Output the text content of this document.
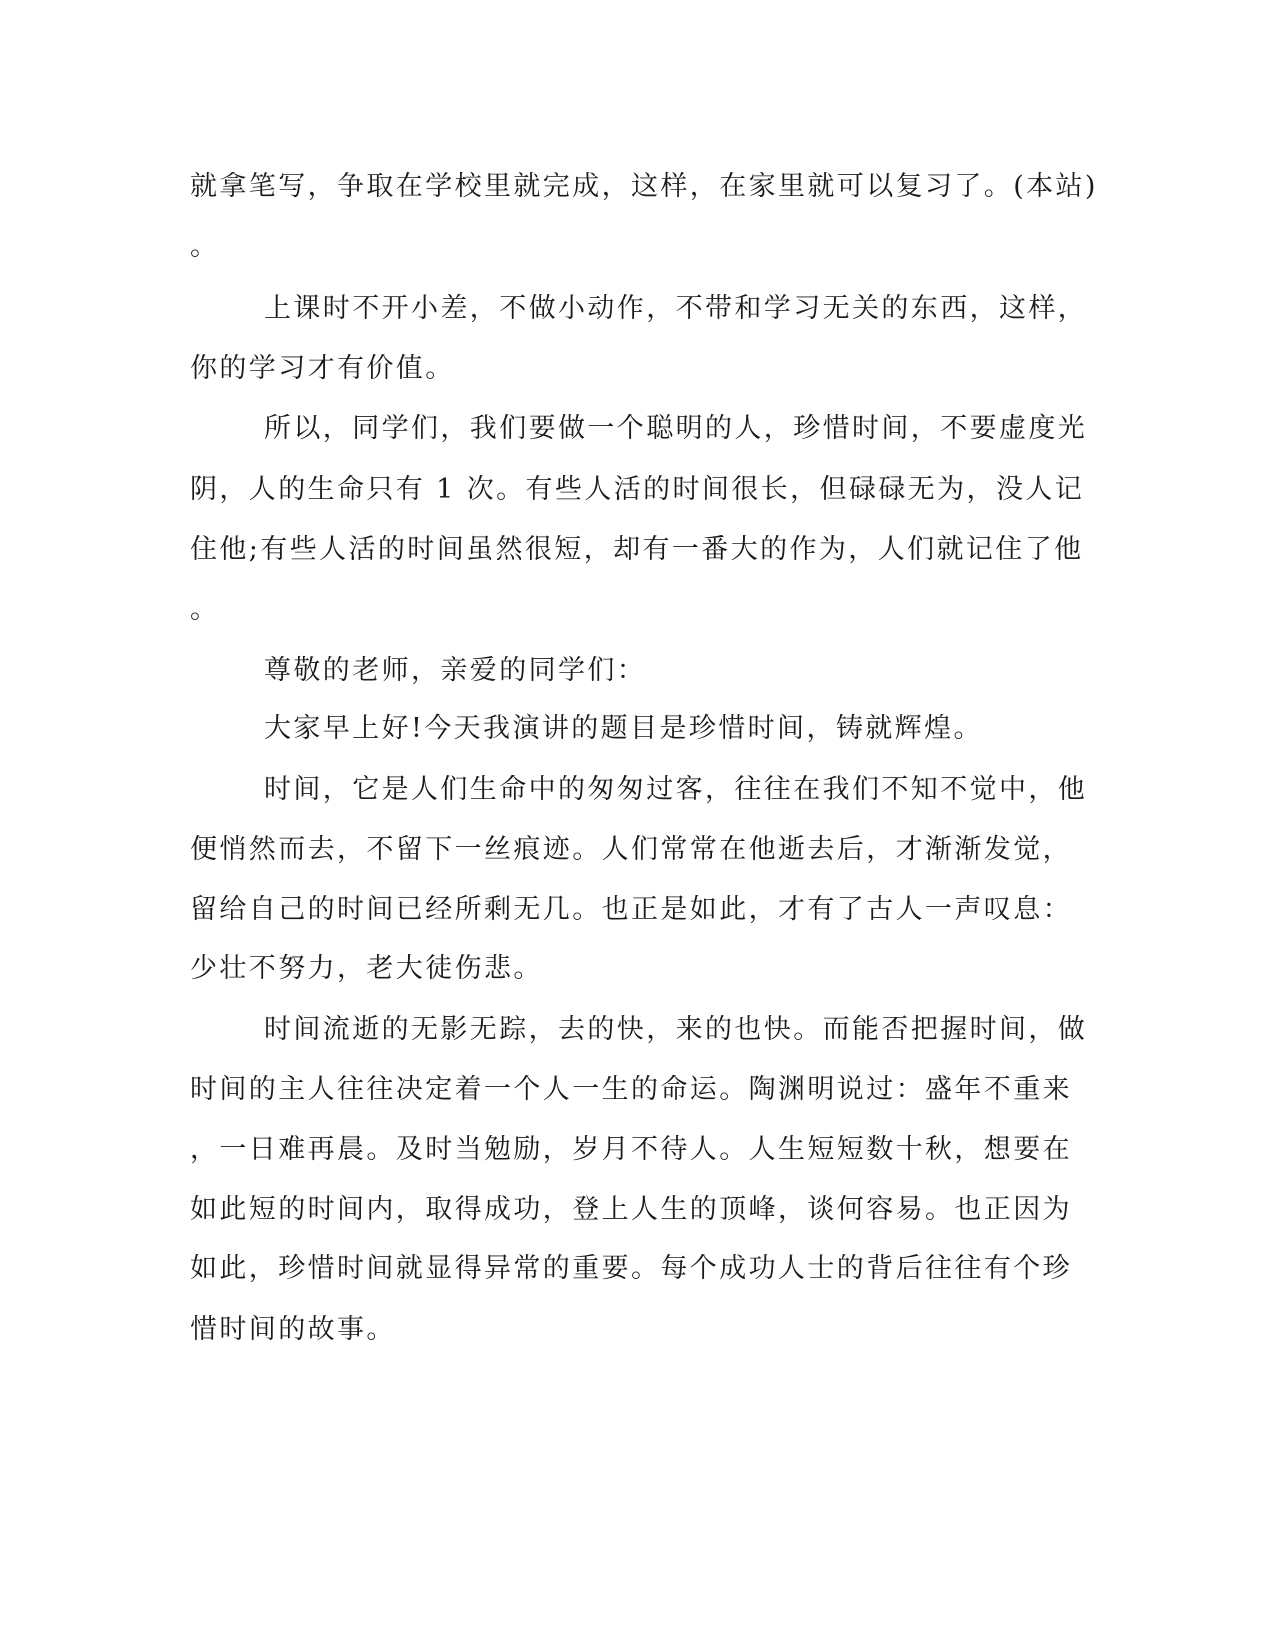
就拿笔写，争取在学校里就完成，这样，在家里就可以复习了。(本站)
。
上课时不开小差，不做小动作，不带和学习无关的东西，这样，
你的学习才有价值。
所以，同学们，我们要做一个聪明的人，珍惜时间，不要虚度光
阴，人的生命只有 1 次。有些人活的时间很长，但碌碌无为，没人记
住他;有些人活的时间虽然很短，却有一番大的作为，人们就记住了他
。
尊敬的老师，亲爱的同学们：
大家早上好!今天我演讲的题目是珍惜时间，铸就辉煌。
时间，它是人们生命中的匆匆过客，往往在我们不知不觉中，他
便悄然而去，不留下一丝痕迹。人们常常在他逝去后，才渐渐发觉，
留给自己的时间已经所剩无几。也正是如此，才有了古人一声叹息：
少壮不努力，老大徒伤悲。
时间流逝的无影无踪，去的快，来的也快。而能否把握时间，做
时间的主人往往决定着一个人一生的命运。陶渊明说过：盛年不重来
，一日难再晨。及时当勉励，岁月不待人。人生短短数十秋，想要在
如此短的时间内，取得成功，登上人生的顶峰，谈何容易。也正因为
如此，珍惜时间就显得异常的重要。每个成功人士的背后往往有个珍
惜时间的故事。
